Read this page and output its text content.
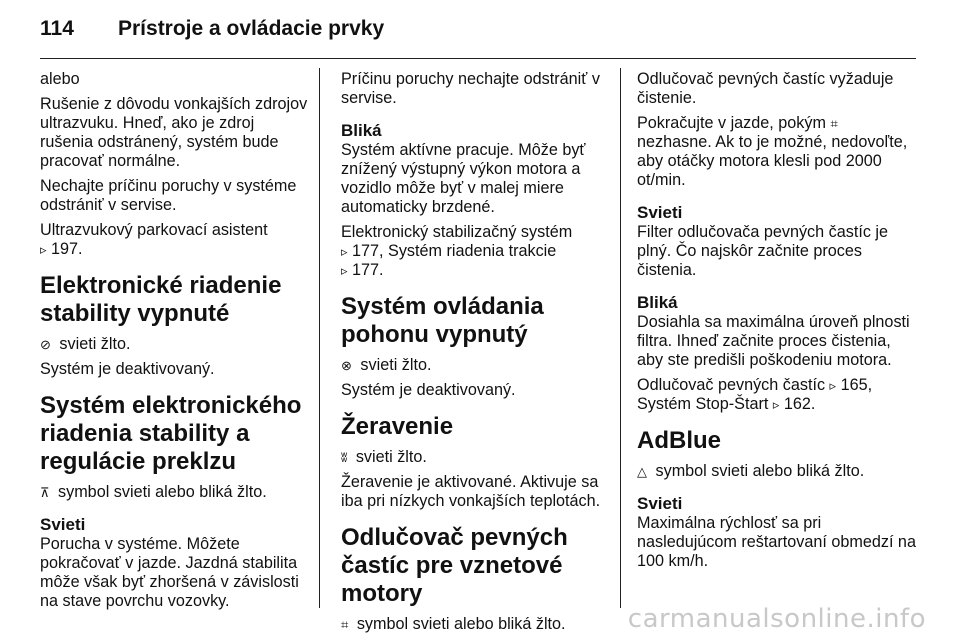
114	Prístroje a ovládacie prvky

alebo

Rušenie z dôvodu vonkajších zdrojov ultrazvuku. Hneď, ako je zdroj rušenia odstránený, systém bude pracovať normálne.

Nechajte príčinu poruchy v systéme odstrániť v servise.

Ultrazvukový parkovací asistent
▹ 197.

Elektronické riadenie stability vypnuté

⊘ svieti žlto.

Systém je deaktivovaný.

Systém elektronického riadenia stability a regulácie preklzu

⊼ symbol svieti alebo bliká žlto.

Svieti

Porucha v systéme. Môžete pokračovať v jazde. Jazdná stabilita môže však byť zhoršená v závislosti na stave povrchu vozovky.

Príčinu poruchy nechajte odstrániť v servise.

Bliká

Systém aktívne pracuje. Môže byť znížený výstupný výkon motora a vozidlo môže byť v malej miere automaticky brzdené.

Elektronický stabilizačný systém
▹ 177, Systém riadenia trakcie
▹ 177.

Systém ovládania pohonu vypnutý

⊗ svieti žlto.

Systém je deaktivovaný.

Žeravenie

ʬ svieti žlto.

Žeravenie je aktivované. Aktivuje sa iba pri nízkych vonkajších teplotách.

Odlučovač pevných častíc pre vznetové motory

⌗ symbol svieti alebo bliká žlto.

Odlučovač pevných častíc vyžaduje čistenie.

Pokračujte v jazde, pokým ⌗ nezhasne. Ak to je možné, nedovoľte, aby otáčky motora klesli pod 2000 ot/min.

Svieti

Filter odlučovača pevných častíc je plný. Čo najskôr začnite proces čistenia.

Bliká

Dosiahla sa maximálna úroveň plnosti filtra. Ihneď začnite proces čistenia, aby ste predišli poškodeniu motora.

Odlučovač pevných častíc ▹ 165,
Systém Stop-Štart ▹ 162.

AdBlue

△ symbol svieti alebo bliká žlto.

Svieti

Maximálna rýchlosť sa pri nasledujúcom reštartovaní obmedzí na 100 km/h.

carmanualsonline.info
